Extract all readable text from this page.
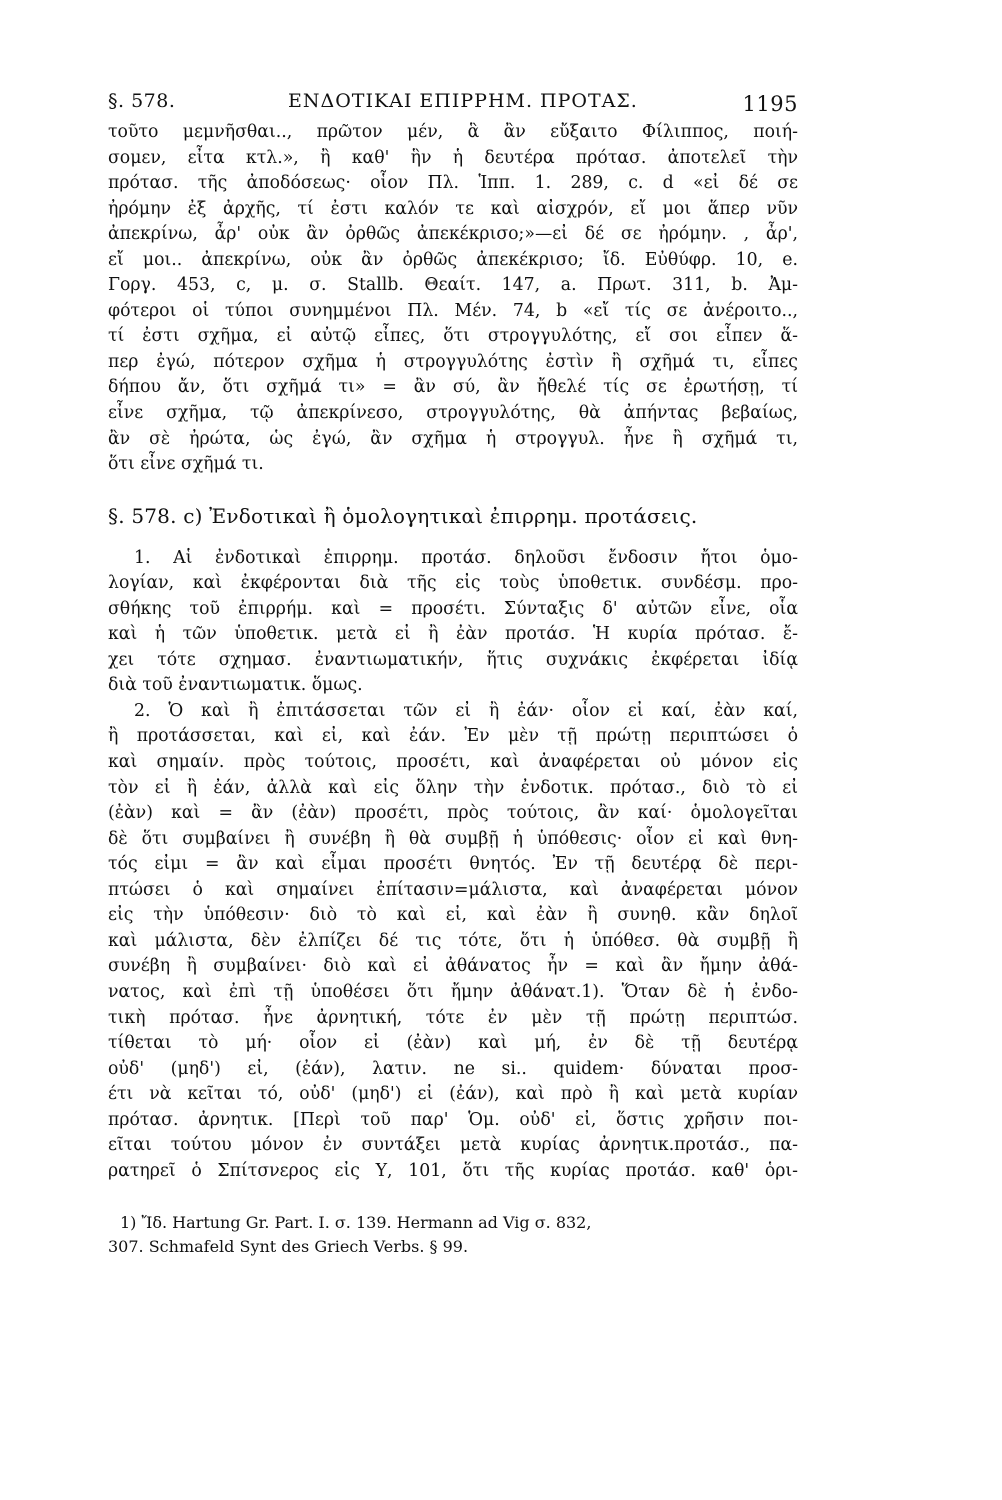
§. 578.	ΕΝΔΟΤΙΚΑΙ ΕΠΙΡΡΗΜ. ΠΡΟΤΑΣ.	1195
τοῦτο μεμνῆσθαι.., πρῶτον μέν, ἃ ἂν εὔξαιτο Φίλιππος, ποιή-
σομεν, εἶτα κτλ.», ἢ καθ' ἣν ἡ δευτέρα πρότασ. ἀποτελεῖ τὴν
πρότασ. τῆς ἀποδόσεως· οἷον Πλ. Ἱππ. 1. 289, c. d «εἰ δέ σε
ἠρόμην ἐξ ἀρχῆς, τί ἐστι καλόν τε καὶ αἰσχρόν, εἴ μοι ἅπερ νῦν
ἀπεκρίνω, ἆρ' οὐκ ἂν ὀρθῶς ἀπεκέκρισο;»—εἰ δέ σε ἠρόμην. , ἆρ',
εἴ μοι.. ἀπεκρίνω, οὐκ ἂν ὀρθῶς ἀπεκέκρισο; ἴδ. Εὐθύφρ. 10, e.
Γοργ. 453, c, μ. σ. Stallb. Θεαίτ. 147, a. Πρωτ. 311, b. Ἀμ-
φότεροι οἱ τύποι συνημμένοι Πλ. Μέν. 74, b «εἴ τίς σε ἀνέροιτο..,
τί ἐστι σχῆμα, εἰ αὐτῷ εἶπες, ὅτι στρογγυλότης, εἴ σοι εἶπεν ἅ-
περ ἐγώ, πότερον σχῆμα ἡ στρογγυλότης ἐστὶν ἢ σχῆμά τι, εἶπες
δήπου ἄν, ὅτι σχῆμά τι» = ἂν σύ, ἂν ἤθελέ τίς σε ἐρωτήσῃ, τί
εἶνε σχῆμα, τῷ ἀπεκρίνεσο, στρογγυλότης, θὰ ἀπήντας βεβαίως,
ἂν σὲ ἠρώτα, ὡς ἐγώ, ἂν σχῆμα ἡ στρογγυλ. ἦνε ἢ σχῆμά τι,
ὅτι εἶνε σχῆμά τι.
§. 578. c) Ἐνδοτικαὶ ἢ ὁμολογητικαὶ ἐπιρρημ. προτάσεις.
1. Αἱ ἐνδοτικαὶ ἐπιρρημ. προτάσ. δηλοῦσι ἔνδοσιν ἤτοι ὁμο-
λογίαν, καὶ ἐκφέρονται διὰ τῆς εἰς τοὺς ὑποθετικ. συνδέσμ. προ-
σθήκης τοῦ ἐπιρρήμ. καὶ = προσέτι. Σύνταξις δ' αὐτῶν εἶνε, οἷα
καὶ ἡ τῶν ὑποθετικ. μετὰ εἰ ἢ ἐὰν προτάσ. Ἡ κυρία πρότασ. ἔ-
χει τότε σχημασ. ἐναντιωματικήν, ἥτις συχνάκις ἐκφέρεται ἰδίᾳ
διὰ τοῦ ἐναντιωματικ. ὅμως.
2. Ὁ καὶ ἢ ἐπιτάσσεται τῶν εἰ ἢ ἐάν· οἷον εἰ καί, ἐὰν καί,
ἢ προτάσσεται, καὶ εἰ, καὶ ἐάν. Ἐν μὲν τῇ πρώτῃ περιπτώσει ὁ
καὶ σημαίν. πρὸς τούτοις, προσέτι, καὶ ἀναφέρεται οὐ μόνον εἰς
τὸν εἰ ἢ ἐάν, ἀλλὰ καὶ εἰς ὅλην τὴν ἐνδοτικ. πρότασ., διὸ τὸ εἰ
(ἐὰν) καὶ = ἂν (ἐὰν) προσέτι, πρὸς τούτοις, ἂν καί· ὁμολογεῖται
δὲ ὅτι συμβαίνει ἢ συνέβη ἢ θὰ συμβῇ ἡ ὑπόθεσις· οἷον εἰ καὶ θνη-
τός εἰμι = ἂν καὶ εἶμαι προσέτι θνητός. Ἐν τῇ δευτέρᾳ δὲ περι-
πτώσει ὁ καὶ σημαίνει ἐπίτασιν=μάλιστα, καὶ ἀναφέρεται μόνον
εἰς τὴν ὑπόθεσιν· διὸ τὸ καὶ εἰ, καὶ ἐὰν ἢ συνηθ. κἂν δηλοῖ
καὶ μάλιστα, δὲν ἐλπίζει δέ τις τότε, ὅτι ἡ ὑπόθεσ. θὰ συμβῇ ἢ
συνέβη ἢ συμβαίνει· διὸ καὶ εἰ ἀθάνατος ἦν = καὶ ἂν ἤμην ἀθά-
νατος, καὶ ἐπὶ τῇ ὑποθέσει ὅτι ἤμην ἀθάνατ.1). Ὅταν δὲ ἡ ἐνδο-
τικὴ πρότασ. ἦνε ἀρνητική, τότε ἐν μὲν τῇ πρώτῃ περιπτώσ.
τίθεται τὸ μή· οἷον εἰ (ἐὰν) καὶ μή, ἐν δὲ τῇ δευτέρᾳ
οὐδ' (μηδ') εἰ, (ἐάν), λατιν. ne si.. quidem· δύναται προσ-
έτι νὰ κεῖται τό, οὐδ' (μηδ') εἰ (ἐάν), καὶ πρὸ ἢ καὶ μετὰ κυρίαν
πρότασ. ἀρνητικ. [Περὶ τοῦ παρ' Ὁμ. οὐδ' εἰ, ὅστις χρῆσιν ποι-
εῖται τούτου μόνον ἐν συντάξει μετὰ κυρίας ἀρνητικ.προτάσ., πα-
ρατηρεῖ ὁ Σπίτσνερος εἰς Υ, 101, ὅτι τῆς κυρίας προτάσ. καθ' ὁρι-
1) Ἴδ. Hartung Gr. Part. I. σ. 139. Hermann ad Vig σ. 832,
307. Schmafeld Synt des Griech Verbs. § 99.
